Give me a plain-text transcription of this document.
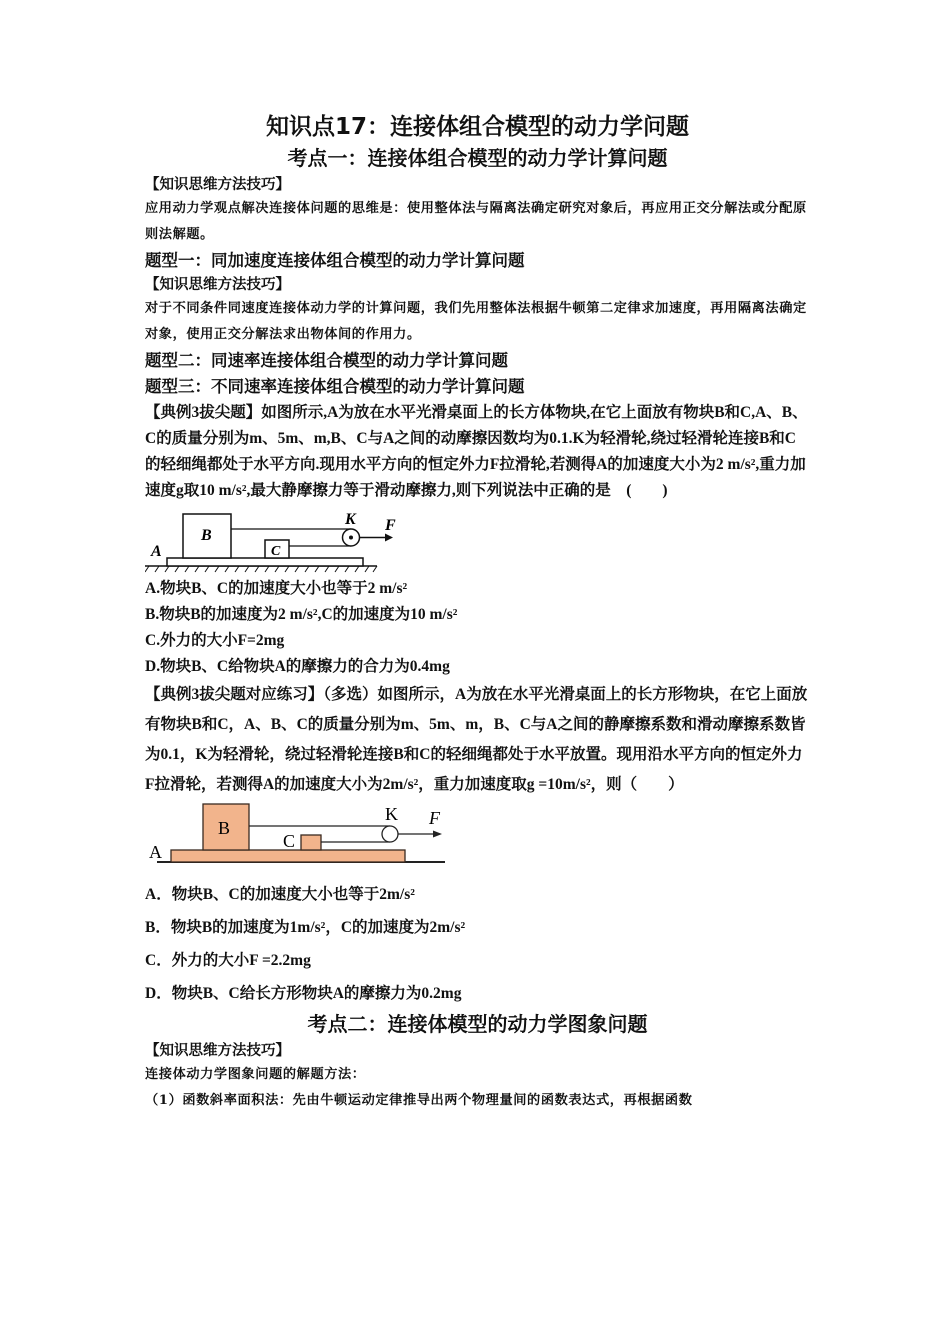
知识点17：连接体组合模型的动力学问题
考点一：连接体组合模型的动力学计算问题
【知识思维方法技巧】
应用动力学观点解决连接体问题的思维是：使用整体法与隔离法确定研究对象后，再应用正交分解法或分配原则法解题。
题型一：同加速度连接体组合模型的动力学计算问题
【知识思维方法技巧】
对于不同条件同速度连接体动力学的计算问题，我们先用整体法根据牛顿第二定律求加速度，再用隔离法确定对象，使用正交分解法求出物体间的作用力。
题型二：同速率连接体组合模型的动力学计算问题
题型三：不同速率连接体组合模型的动力学计算问题
【典例3拔尖题】如图所示,A为放在水平光滑桌面上的长方体物块,在它上面放有物块B和C,A、B、C的质量分别为m、5m、m,B、C与A之间的动摩擦因数均为0.1.K为轻滑轮,绕过轻滑轮连接B和C的轻细绳都处于水平方向.现用水平方向的恒定外力F拉滑轮,若测得A的加速度大小为2 m/s²,重力加速度g取10 m/s²,最大静摩擦力等于滑动摩擦力,则下列说法中正确的是　(　　)
A
B
C
K F
A.物块B、C的加速度大小也等于2 m/s²
B.物块B的加速度为2 m/s²,C的加速度为10 m/s²
C.外力的大小F=2mg
D.物块B、C给物块A的摩擦力的合力为0.4mg
【典例3拔尖题对应练习】（多选）如图所示，A为放在水平光滑桌面上的长方形物块，在它上面放有物块B和C，A、B、C的质量分别为m、5m、m，B、C与A之间的静摩擦系数和滑动摩擦系数皆为0.1，K为轻滑轮，绕过轻滑轮连接B和C的轻细绳都处于水平放置。现用沿水平方向的恒定外力F拉滑轮，若测得A的加速度大小为2m/s²，重力加速度取g =10m/s²，则（　　）
A
B
C
K F
A．物块B、C的加速度大小也等于2m/s²
B．物块B的加速度为1m/s²，C的加速度为2m/s²
C．外力的大小F =2.2mg
D．物块B、C给长方形物块A的摩擦力为0.2mg
考点二：连接体模型的动力学图象问题
【知识思维方法技巧】
连接体动力学图象问题的解题方法：
（1）函数斜率面积法：先由牛顿运动定律推导出两个物理量间的函数表达式，再根据函数
